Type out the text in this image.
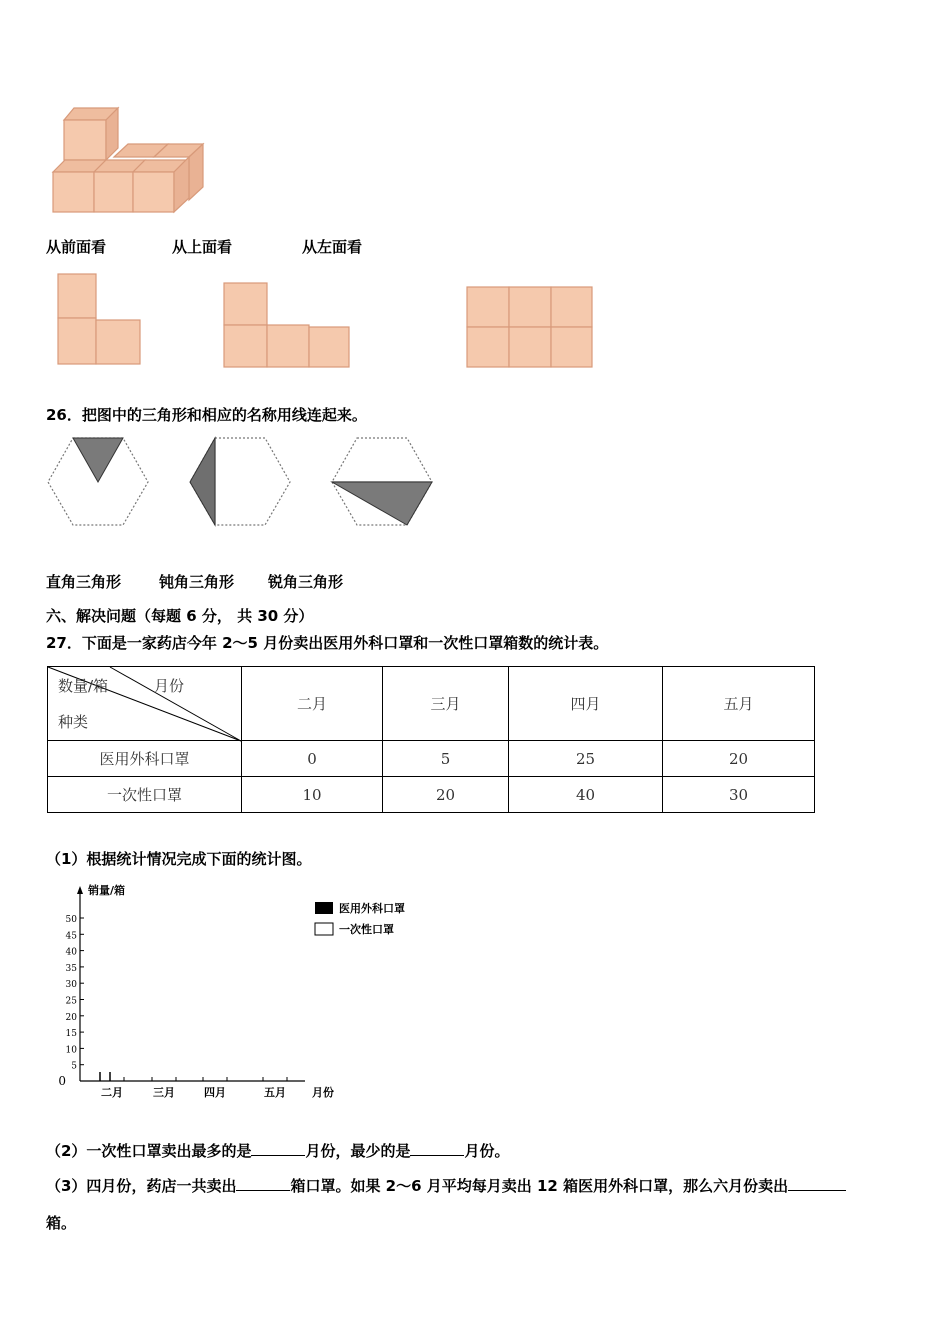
从前面看	从上面看	从左面看
26．把图中的三角形和相应的名称用线连起来。
直角三角形	钝角三角形 锐角三角形
六、解决问题（每题 6 分， 共 30 分）
27．下面是一家药店今年 2～5 月份卖出医用外科口罩和一次性口罩箱数的统计表。
数量/箱 月份
种类	二月	三月	四月	五月
医用外科口罩	0	5	25	20
一次性口罩	10	20	40	30
（1）根据统计情况完成下面的统计图。
0
5
10
15
20
25
30
35
40
45
50
二月	三月	四月	五月
销量/箱
月份
医用外科口罩
一次性口罩
（2）一次性口罩卖出最多的是	月份，最少的是	月份。
（3）四月份，药店一共卖出	箱口罩。如果 2～6 月平均每月卖出 12 箱医用外科口罩，那么六月份卖出
箱。
